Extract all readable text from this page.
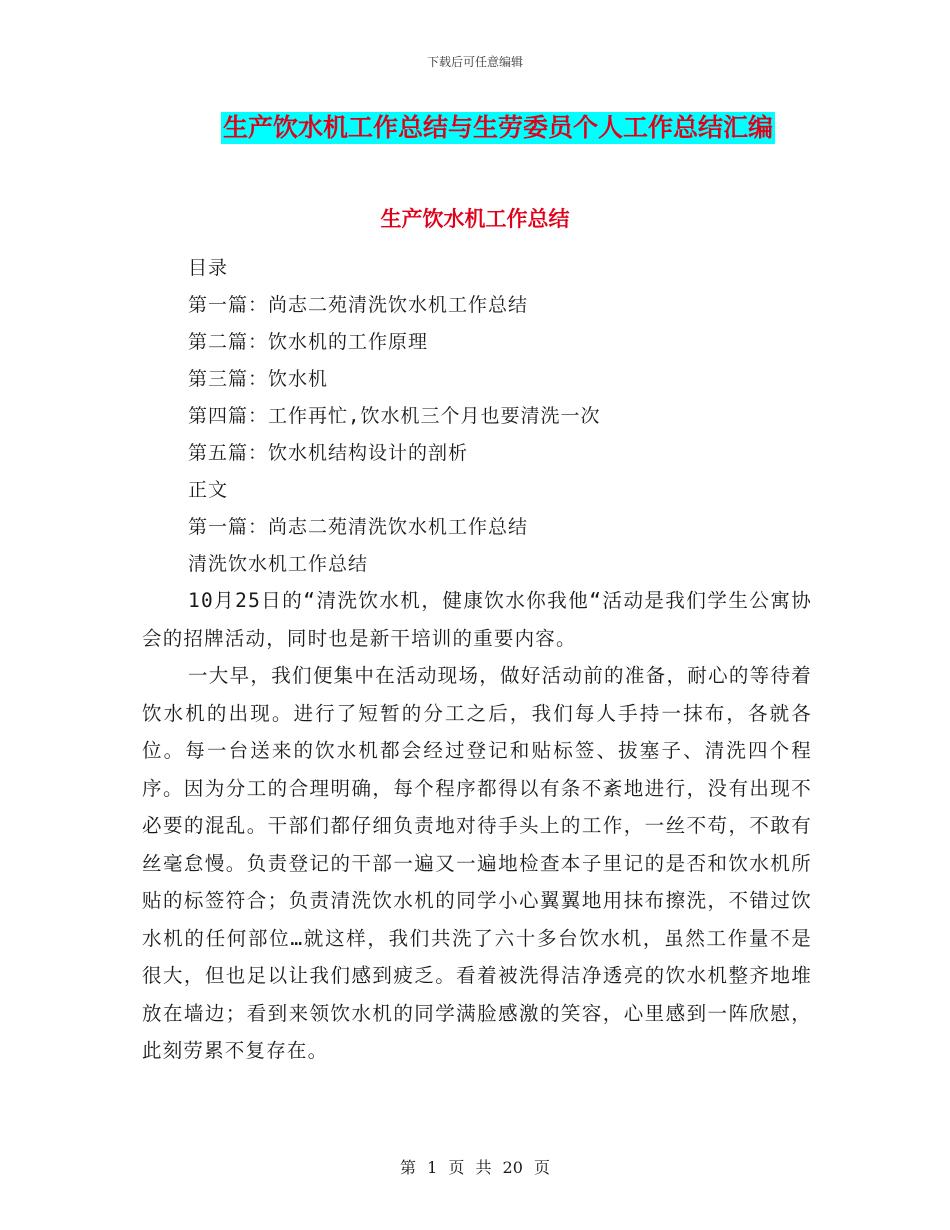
下载后可任意编辑
生产饮水机工作总结与生劳委员个人工作总结汇编
生产饮水机工作总结
目录
第一篇：尚志二苑清洗饮水机工作总结
第二篇：饮水机的工作原理
第三篇：饮水机
第四篇：工作再忙,饮水机三个月也要清洗一次
第五篇：饮水机结构设计的剖析
正文
第一篇：尚志二苑清洗饮水机工作总结
清洗饮水机工作总结

10月25日的“清洗饮水机，健康饮水你我他“活动是我们学生公寓协会的招牌活动，同时也是新干培训的重要内容。

一大早，我们便集中在活动现场，做好活动前的准备，耐心的等待着饮水机的出现。进行了短暂的分工之后，我们每人手持一抹布，各就各位。每一台送来的饮水机都会经过登记和贴标签、拔塞子、清洗四个程序。因为分工的合理明确，每个程序都得以有条不紊地进行，没有出现不必要的混乱。干部们都仔细负责地对待手头上的工作，一丝不苟，不敢有丝毫怠慢。负责登记的干部一遍又一遍地检查本子里记的是否和饮水机所贴的标签符合；负责清洗饮水机的同学小心翼翼地用抹布擦洗，不错过饮水机的任何部位…就这样，我们共洗了六十多台饮水机，虽然工作量不是很大，但也足以让我们感到疲乏。看着被洗得洁净透亮的饮水机整齐地堆放在墙边；看到来领饮水机的同学满脸感激的笑容，心里感到一阵欣慰，此刻劳累不复存在。

第 1 页 共 20 页
